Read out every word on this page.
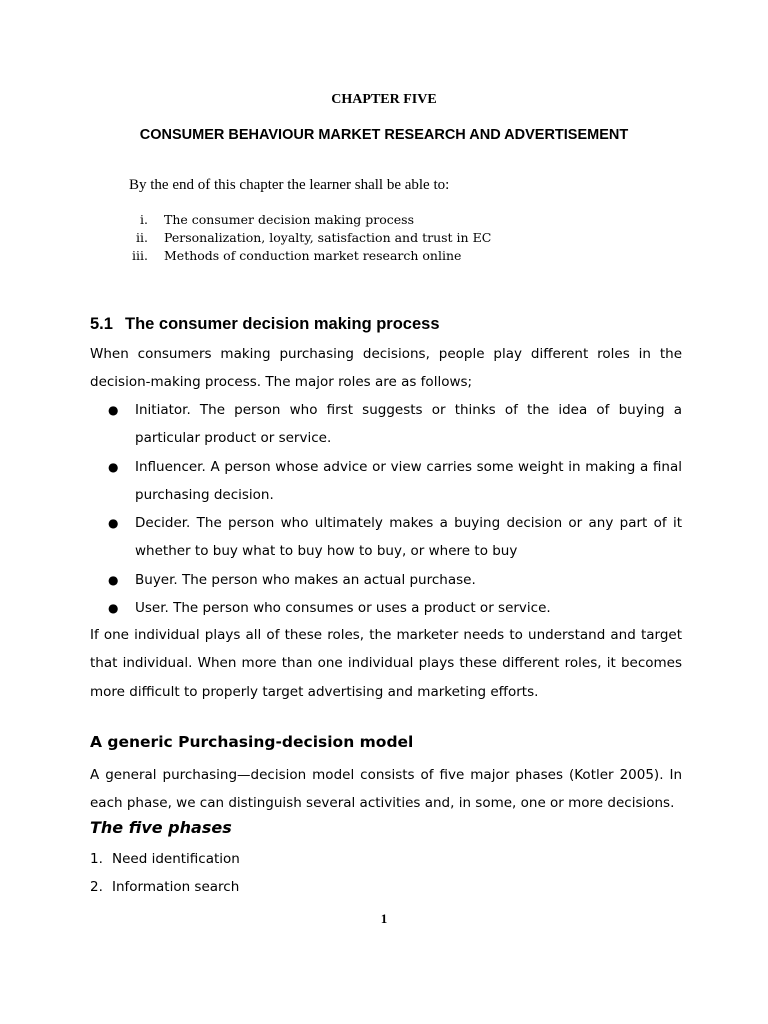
CHAPTER FIVE
CONSUMER BEHAVIOUR MARKET RESEARCH AND ADVERTISEMENT
By the end of this chapter the learner shall be able to:
i. The consumer decision making process
ii. Personalization, loyalty, satisfaction and trust in EC
iii. Methods of conduction market research online
5.1 The consumer decision making process

When consumers making purchasing decisions, people play different roles in the decision-making process. The major roles are as follows;

● Initiator. The person who first suggests or thinks of the idea of buying a particular product or service.
● Influencer. A person whose advice or view carries some weight in making a final purchasing decision.
● Decider. The person who ultimately makes a buying decision or any part of it whether to buy what to buy how to buy, or where to buy
● Buyer. The person who makes an actual purchase.
● User. The person who consumes or uses a product or service.

If one individual plays all of these roles, the marketer needs to understand and target that individual. When more than one individual plays these different roles, it becomes more difficult to properly target advertising and marketing efforts.

A generic Purchasing-decision model

A general purchasing—decision model consists of five major phases (Kotler 2005). In each phase, we can distinguish several activities and, in some, one or more decisions.

The five phases
1. Need identification
2. Information search
1
